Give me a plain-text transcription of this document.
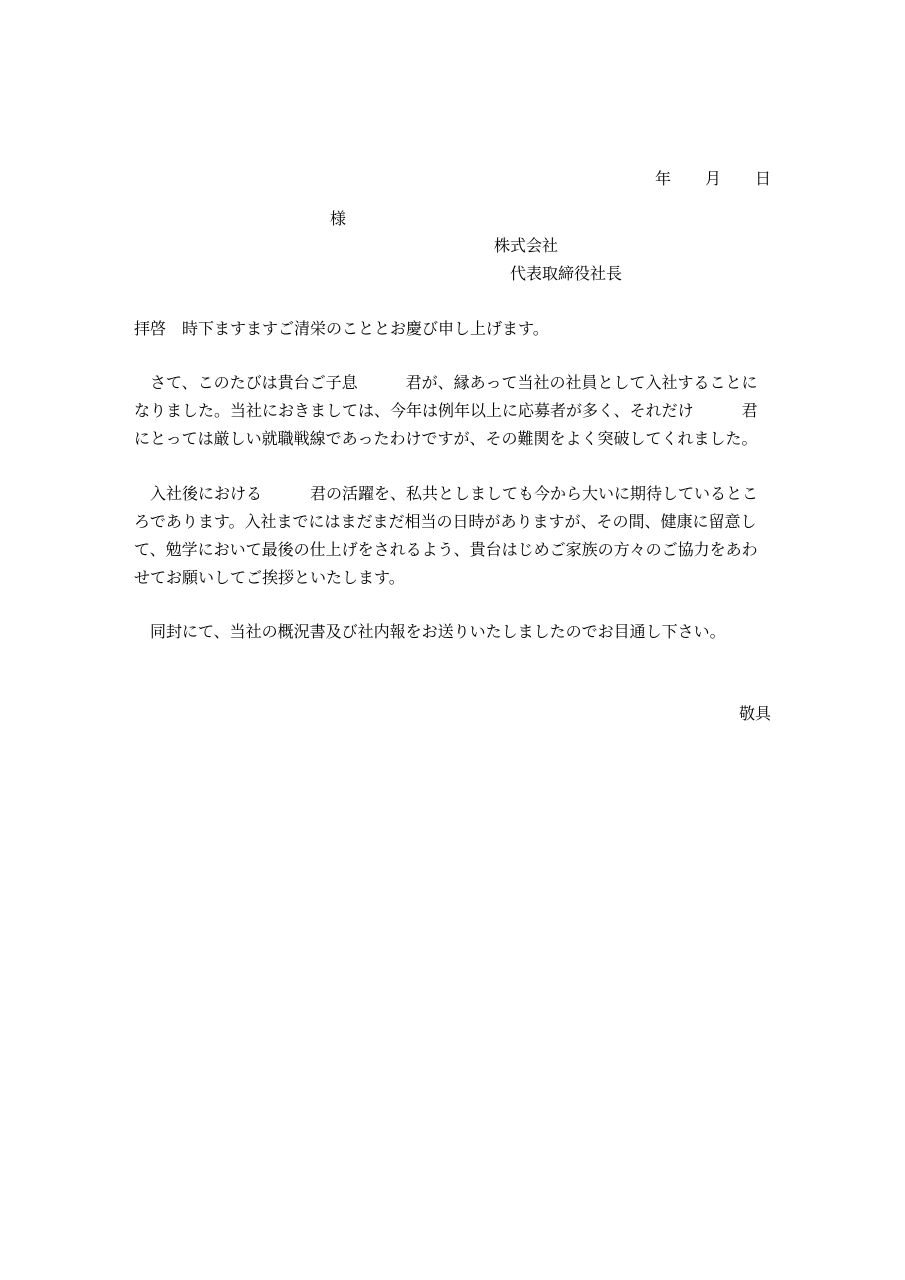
年 月 日

様
株式会社
代表取締役社長
拝啓　時下ますますご清栄のこととお慶び申し上げます。
　さて、このたびは貴台ご子息　　　君が、縁あって当社の社員として入社することに
なりました。当社におきましては、今年は例年以上に応募者が多く、それだけ　　　君
にとっては厳しい就職戦線であったわけですが、その難関をよく突破してくれました。
　入社後における　　　君の活躍を、私共としましても今から大いに期待しているとこ
ろであります。入社までにはまだまだ相当の日時がありますが、その間、健康に留意し
て、勉学において最後の仕上げをされるよう、貴台はじめご家族の方々のご協力をあわ
せてお願いしてご挨拶といたします。
　同封にて、当社の概況書及び社内報をお送りいたしましたのでお目通し下さい。
敬具
